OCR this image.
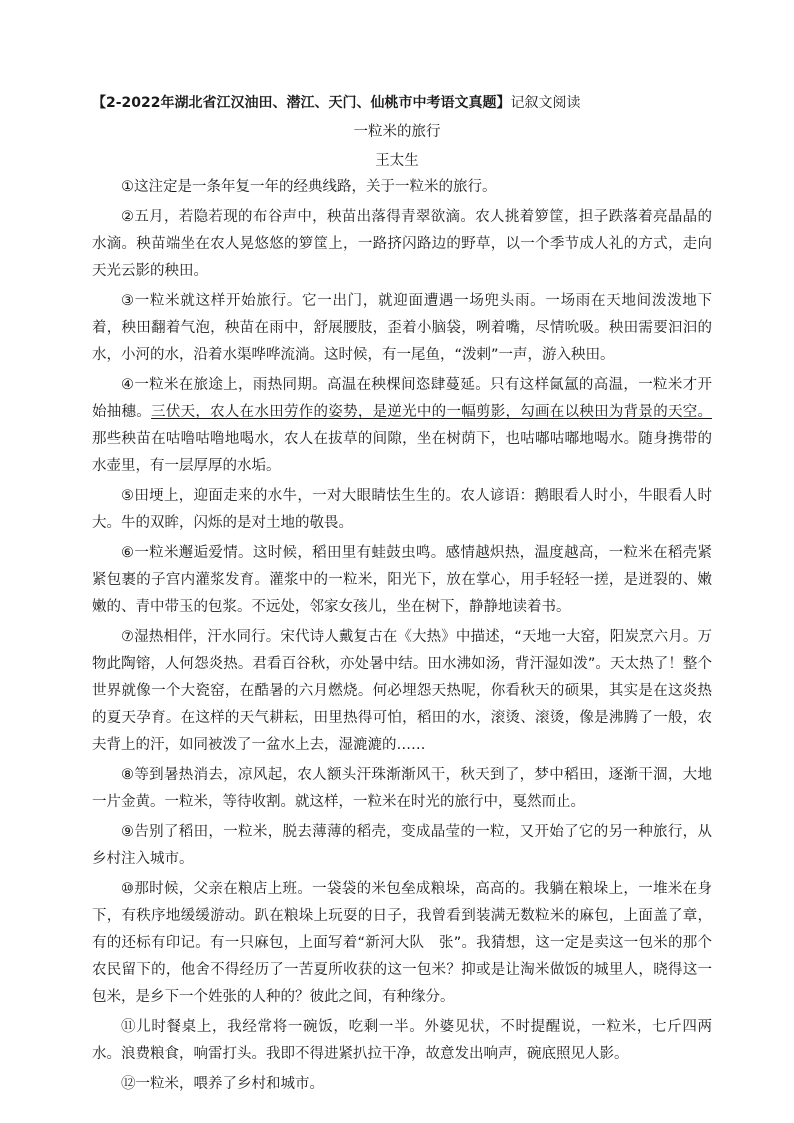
【2-2022年湖北省江汉油田、潜江、天门、仙桃市中考语文真题】记叙文阅读
一粒米的旅行
王太生

①这注定是一条年复一年的经典线路，关于一粒米的旅行。

②五月，若隐若现的布谷声中，秧苗出落得青翠欲滴。农人挑着箩筐，担子跌落着亮晶晶的水滴。秧苗端坐在农人晃悠悠的箩筐上，一路挤闪路边的野草，以一个季节成人礼的方式，走向天光云影的秧田。

③一粒米就这样开始旅行。它一出门，就迎面遭遇一场兜头雨。一场雨在天地间泼泼地下着，秧田翻着气泡，秧苗在雨中，舒展腰肢，歪着小脑袋，咧着嘴，尽情吮吸。秧田需要汩汩的水，小河的水，沿着水渠哗哗流淌。这时候，有一尾鱼，“泼剌”一声，游入秧田。

④一粒米在旅途上，雨热同期。高温在秧棵间恣肆蔓延。只有这样氤氲的高温，一粒米才开始抽穗。三伏天，农人在水田劳作的姿势，是逆光中的一幅剪影，勾画在以秧田为背景的天空。那些秧苗在咕噜咕噜地喝水，农人在拔草的间隙，坐在树荫下，也咕嘟咕嘟地喝水。随身携带的水壶里，有一层厚厚的水垢。

⑤田埂上，迎面走来的水牛，一对大眼睛怯生生的。农人谚语：鹅眼看人时小，牛眼看人时大。牛的双眸，闪烁的是对土地的敬畏。

⑥一粒米邂逅爱情。这时候，稻田里有蛙鼓虫鸣。感情越炽热，温度越高，一粒米在稻壳紧紧包裹的子宫内灌浆发育。灌浆中的一粒米，阳光下，放在掌心，用手轻轻一搓，是迸裂的、嫩嫩的、青中带玉的包浆。不远处，邻家女孩儿，坐在树下，静静地读着书。

⑦湿热相伴，汗水同行。宋代诗人戴复古在《大热》中描述，“天地一大窑，阳炭烹六月。万物此陶镕，人何怨炎热。君看百谷秋，亦处暑中结。田水沸如汤，背汗湿如泼”。天太热了！整个世界就像一个大瓷窑，在酷暑的六月燃烧。何必埋怨天热呢，你看秋天的硕果，其实是在这炎热的夏天孕育。在这样的天气耕耘，田里热得可怕，稻田的水，滚烫、滚烫，像是沸腾了一般，农夫背上的汗，如同被泼了一盆水上去，湿漉漉的……

⑧等到暑热消去，凉风起，农人额头汗珠渐渐风干，秋天到了，梦中稻田，逐渐干涸，大地一片金黄。一粒米，等待收割。就这样，一粒米在时光的旅行中，戛然而止。

⑨告别了稻田，一粒米，脱去薄薄的稻壳，变成晶莹的一粒，又开始了它的另一种旅行，从乡村注入城市。

⑩那时候，父亲在粮店上班。一袋袋的米包垒成粮垛，高高的。我躺在粮垛上，一堆米在身下，有秩序地缓缓游动。趴在粮垛上玩耍的日子，我曾看到装满无数粒米的麻包，上面盖了章，有的还标有印记。有一只麻包，上面写着“新河大队　张”。我猜想，这一定是卖这一包米的那个农民留下的，他舍不得经历了一苦夏所收获的这一包米？抑或是让淘米做饭的城里人，晓得这一包米，是乡下一个姓张的人种的？彼此之间，有种缘分。

⑪儿时餐桌上，我经常将一碗饭，吃剩一半。外婆见状，不时提醒说，一粒米，七斤四两水。浪费粮食，响雷打头。我即不得进紧扒拉干净，故意发出响声，碗底照见人影。

⑫一粒米，喂养了乡村和城市。
